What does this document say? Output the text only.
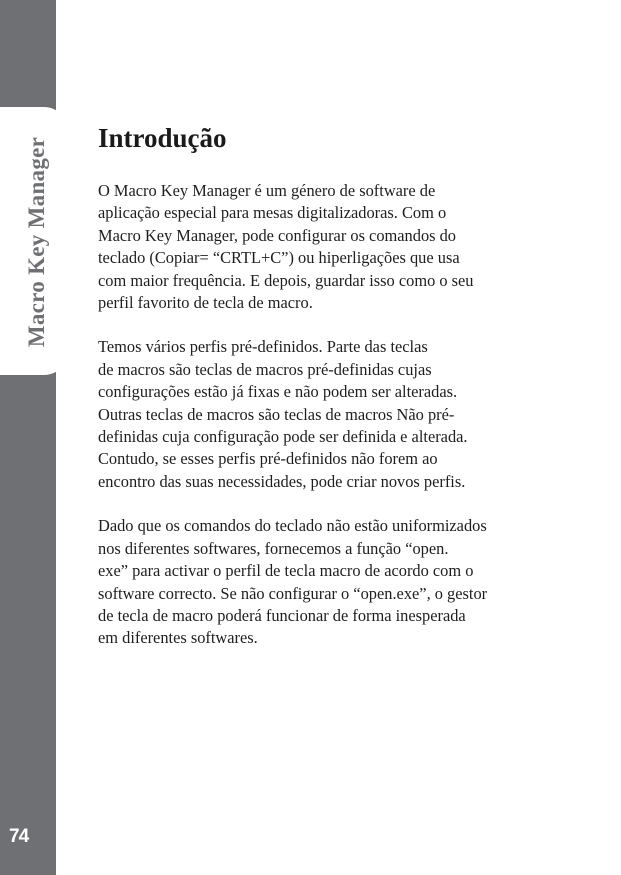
Macro Key Manager
74
Introdução

O Macro Key Manager é um género de software de
aplicação especial para mesas digitalizadoras. Com o
Macro Key Manager, pode configurar os comandos do
teclado (Copiar= “CRTL+C”) ou hiperligações que usa
com maior frequência. E depois, guardar isso como o seu
perfil favorito de tecla de macro.

Temos vários perfis pré-definidos. Parte das teclas
de macros são teclas de macros pré-definidas cujas
configurações estão já fixas e não podem ser alteradas.
Outras teclas de macros são teclas de macros Não pré-
definidas cuja configuração pode ser definida e alterada.
Contudo, se esses perfis pré-definidos não forem ao
encontro das suas necessidades, pode criar novos perfis.

Dado que os comandos do teclado não estão uniformizados
nos diferentes softwares, fornecemos a função “open.
exe” para activar o perfil de tecla macro de acordo com o
software correcto. Se não configurar o “open.exe”, o gestor
de tecla de macro poderá funcionar de forma inesperada
em diferentes softwares.
